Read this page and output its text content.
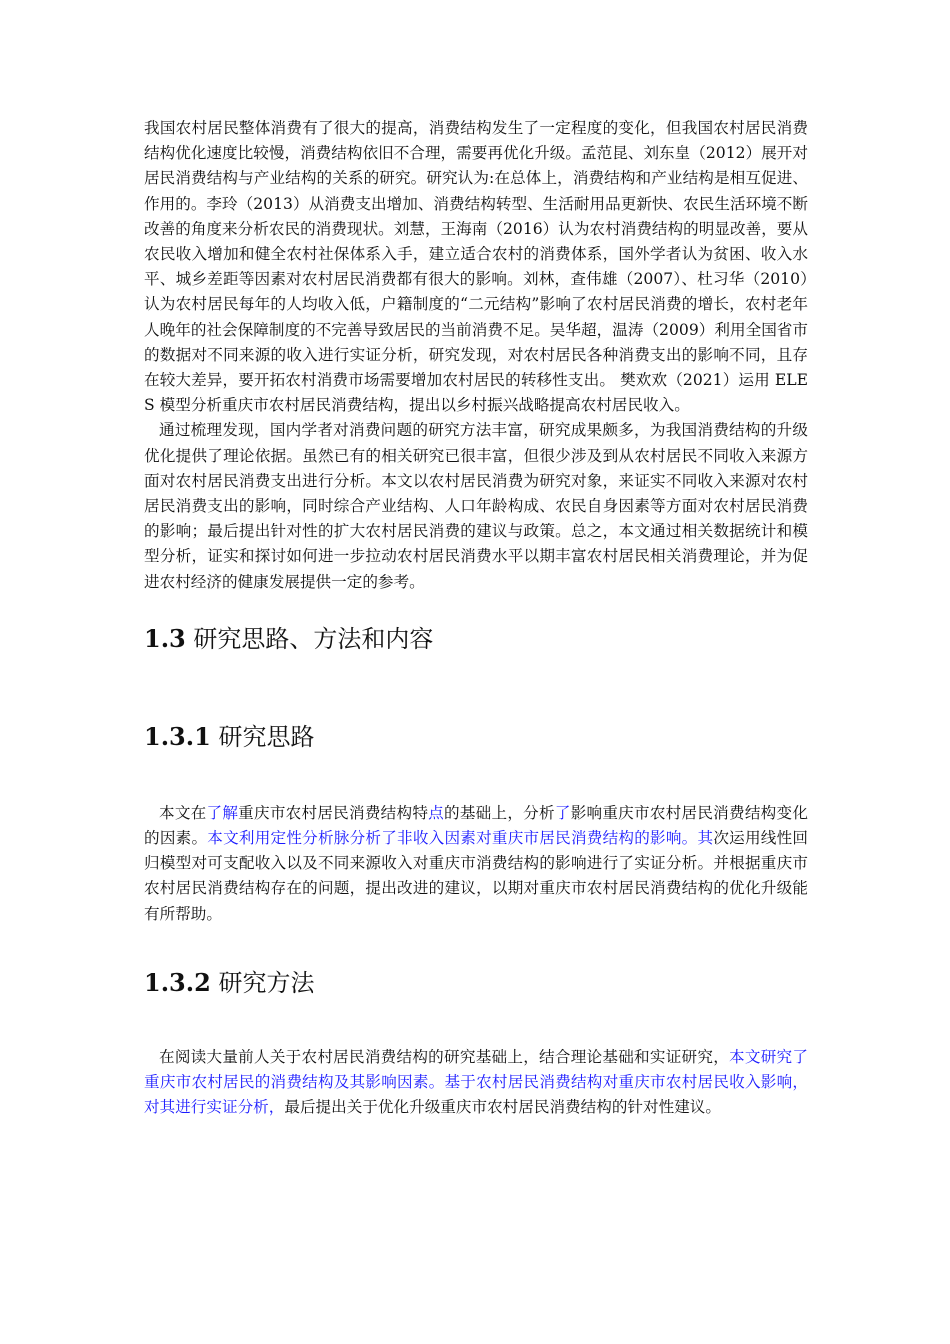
我国农村居民整体消费有了很大的提高，消费结构发生了一定程度的变化，但我国农村居民消费结构优化速度比较慢，消费结构依旧不合理，需要再优化升级。孟范昆、刘东皇（2012）展开对居民消费结构与产业结构的关系的研究。研究认为:在总体上，消费结构和产业结构是相互促进、作用的。李玲（2013）从消费支出增加、消费结构转型、生活耐用品更新快、农民生活环境不断改善的角度来分析农民的消费现状。刘慧，王海南（2016）认为农村消费结构的明显改善，要从农民收入增加和健全农村社保体系入手，建立适合农村的消费体系，国外学者认为贫困、收入水平、城乡差距等因素对农村居民消费都有很大的影响。刘林，查伟雄（2007）、杜习华（2010）认为农村居民每年的人均收入低，户籍制度的“二元结构”影响了农村居民消费的增长，农村老年人晚年的社会保障制度的不完善导致居民的当前消费不足。吴华超，温涛（2009）利用全国省市的数据对不同来源的收入进行实证分析，研究发现，对农村居民各种消费支出的影响不同，且存在较大差异，要开拓农村消费市场需要增加农村居民的转移性支出。 樊欢欢（2021）运用 ELES 模型分析重庆市农村居民消费结构，提出以乡村振兴战略提高农村居民收入。

通过梳理发现，国内学者对消费问题的研究方法丰富，研究成果颇多，为我国消费结构的升级优化提供了理论依据。虽然已有的相关研究已很丰富，但很少涉及到从农村居民不同收入来源方面对农村居民消费支出进行分析。本文以农村居民消费为研究对象，来证实不同收入来源对农村居民消费支出的影响，同时综合产业结构、人口年龄构成、农民自身因素等方面对农村居民消费的影响；最后提出针对性的扩大农村居民消费的建议与政策。总之，本文通过相关数据统计和模型分析，证实和探讨如何进一步拉动农村居民消费水平以期丰富农村居民相关消费理论，并为促进农村经济的健康发展提供一定的参考。

1.3 研究思路、方法和内容
1.3.1 研究思路

本文在了解重庆市农村居民消费结构特点的基础上，分析了影响重庆市农村居民消费结构变化的因素。本文利用定性分析脉分析了非收入因素对重庆市居民消费结构的影响。其次运用线性回归模型对可支配收入以及不同来源收入对重庆市消费结构的影响进行了实证分析。并根据重庆市农村居民消费结构存在的问题，提出改进的建议，以期对重庆市农村居民消费结构的优化升级能有所帮助。

1.3.2 研究方法

在阅读大量前人关于农村居民消费结构的研究基础上，结合理论基础和实证研究，本文研究了重庆市农村居民的消费结构及其影响因素。基于农村居民消费结构对重庆市农村居民收入影响，对其进行实证分析，最后提出关于优化升级重庆市农村居民消费结构的针对性建议。
